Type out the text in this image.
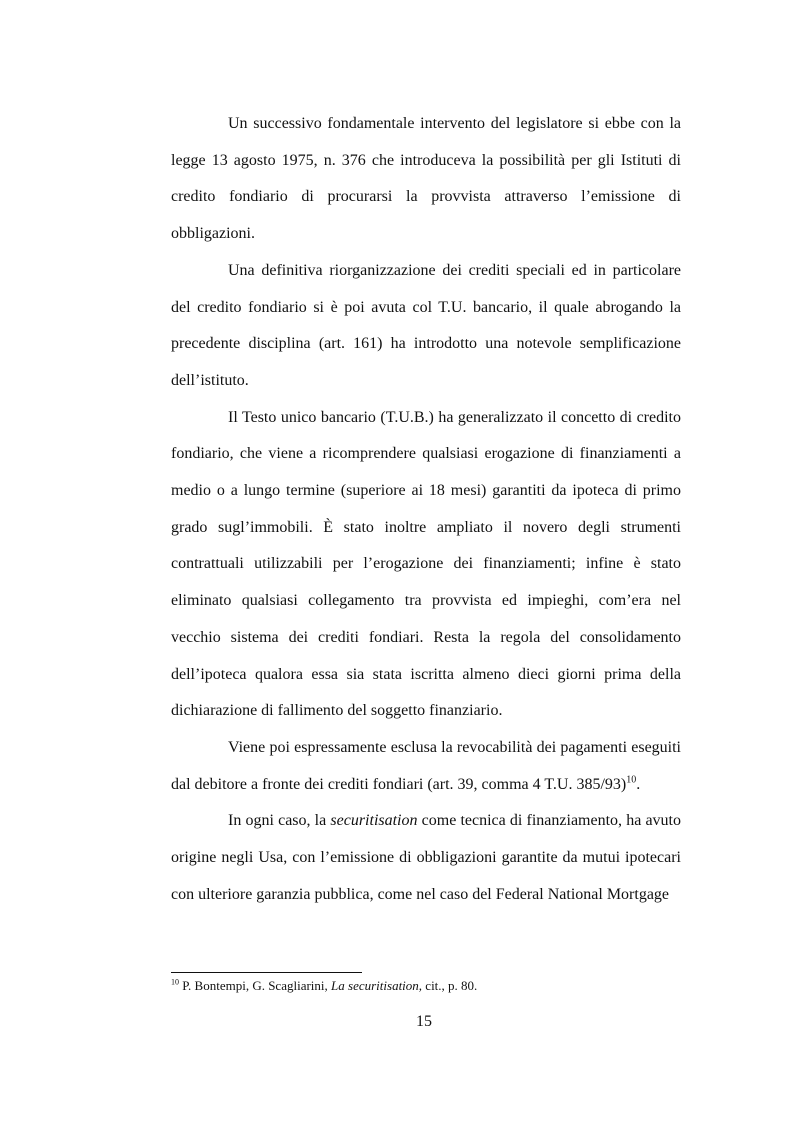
Un successivo fondamentale intervento del legislatore si ebbe con la legge 13 agosto 1975, n. 376 che introduceva la possibilità per gli Istituti di credito fondiario di procurarsi la provvista attraverso l’emissione di obbligazioni.

Una definitiva riorganizzazione dei crediti speciali ed in particolare del credito fondiario si è poi avuta col T.U. bancario, il quale abrogando la precedente disciplina (art. 161) ha introdotto una notevole semplificazione dell’istituto.

Il Testo unico bancario (T.U.B.) ha generalizzato il concetto di credito fondiario, che viene a ricomprendere qualsiasi erogazione di finanziamenti a medio o a lungo termine (superiore ai 18 mesi) garantiti da ipoteca di primo grado sugl’immobili. È stato inoltre ampliato il novero degli strumenti contrattuali utilizzabili per l’erogazione dei finanziamenti; infine è stato eliminato qualsiasi collegamento tra provvista ed impieghi, com’era nel vecchio sistema dei crediti fondiari. Resta la regola del consolidamento dell’ipoteca qualora essa sia stata iscritta almeno dieci giorni prima della dichiarazione di fallimento del soggetto finanziario.

Viene poi espressamente esclusa la revocabilità dei pagamenti eseguiti dal debitore a fronte dei crediti fondiari (art. 39, comma 4 T.U. 385/93)$^{10}$.

In ogni caso, la securitisation come tecnica di finanziamento, ha avuto origine negli Usa, con l’emissione di obbligazioni garantite da mutui ipotecari con ulteriore garanzia pubblica, come nel caso del Federal National Mortgage

$^{10}$ P. Bontempi, G. Scagliarini, La securitisation, cit., p. 80.

15
